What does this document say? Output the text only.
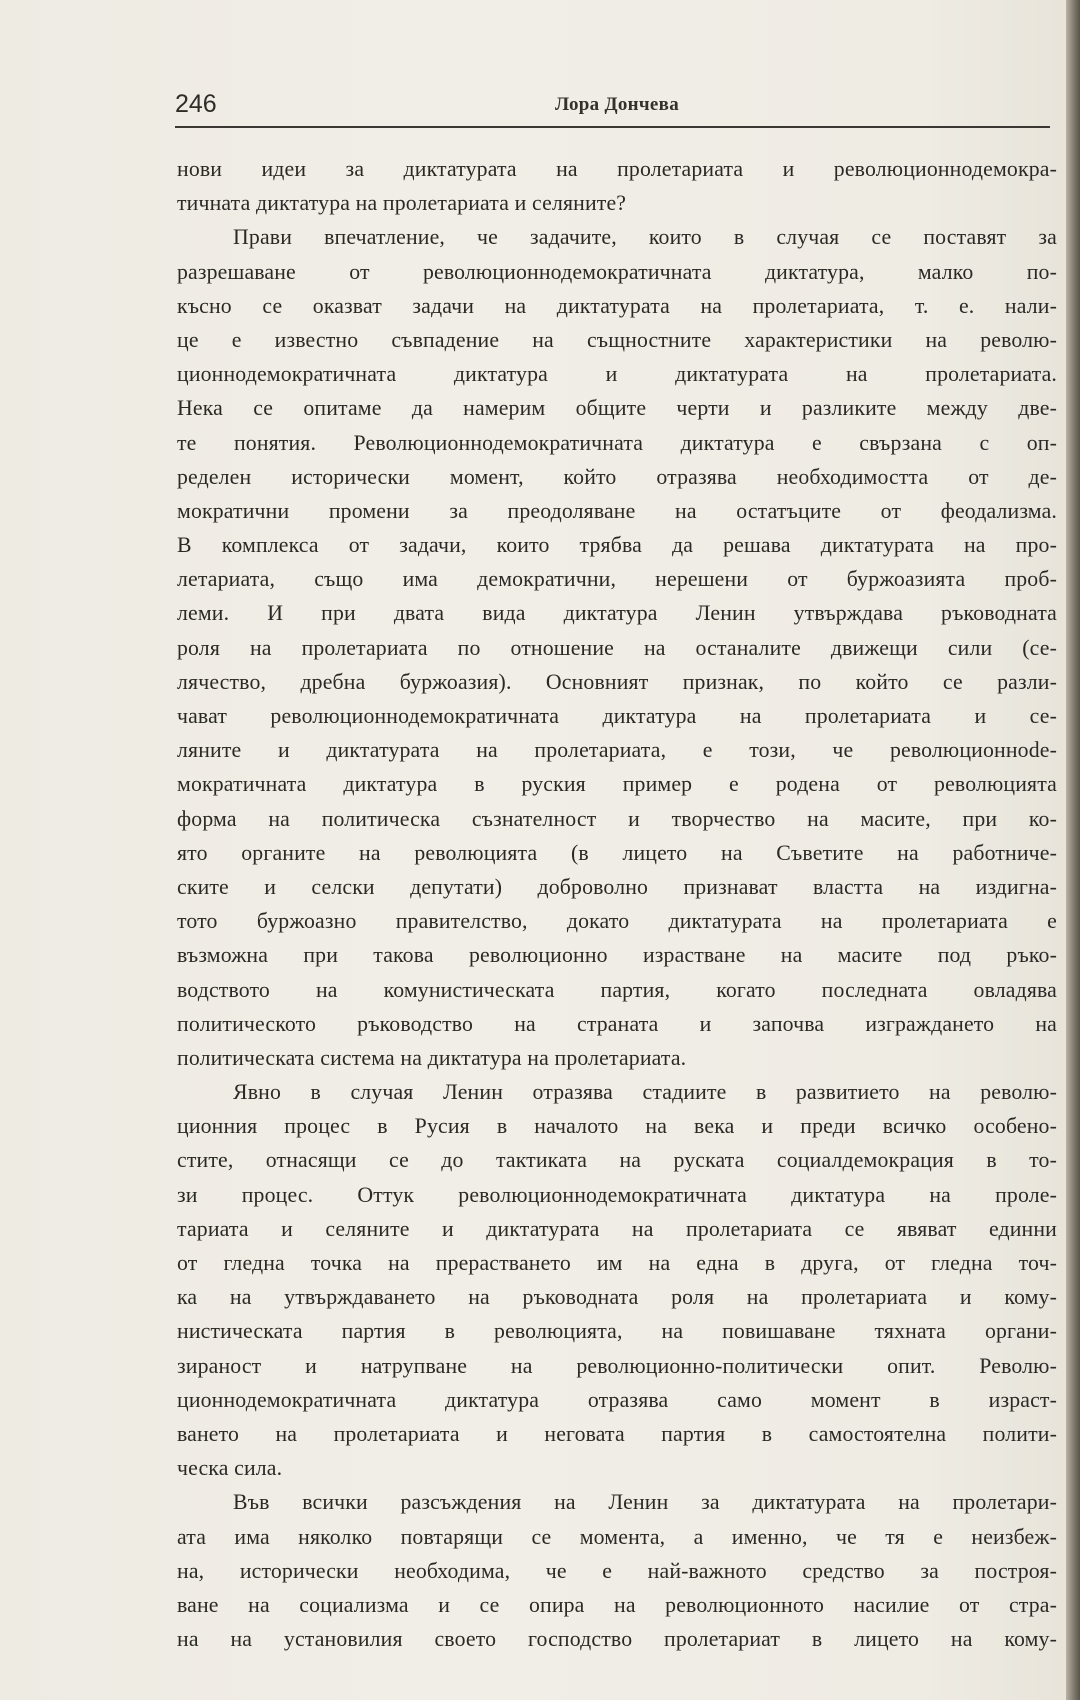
246	Лора Дончева
нови идеи за диктатурата на пролетариата и революционнодемокра-
тичната диктатура на пролетариата и селяните?
Прави впечатление, че задачите, които в случая се поставят за
разрешаване от революционнодемократичната диктатура, малко по-
късно се оказват задачи на диктатурата на пролетариата, т. е. нали-
це е известно съвпадение на същностните характеристики на револю-
ционнодемократичната диктатура и диктатурата на пролетариата.
Нека се опитаме да намерим общите черти и разликите между две-
те понятия. Революционнодемократичната диктатура е свързана с оп-
ределен исторически момент, който отразява необходимостта от де-
мократични промени за преодоляване на остатъците от феодализма.
В комплекса от задачи, които трябва да решава диктатурата на про-
летариата, също има демократични, нерешени от буржоазията проб-
леми. И при двата вида диктатура Ленин утвърждава ръководната
роля на пролетариата по отношение на останалите движещи сили (се-
лячество, дребна буржоазия). Основният признак, по който се разли-
чават революционнодемократичната диктатура на пролетариата и се-
ляните и диктатурата на пролетариата, е този, че революционнode-
мократичната диктатура в руския пример е родена от революцията
форма на политическа съзнателност и творчество на масите, при ко-
ято органите на революцията (в лицето на Съветите на работниче-
ските и селски депутати) доброволно признават властта на издигна-
тото буржоазно правителство, докато диктатурата на пролетариата е
възможна при такова революционно израстване на масите под ръко-
водството на комунистическата партия, когато последната овладява
политическото ръководство на страната и започва изграждането на
политическата система на диктатура на пролетариата.
Явно в случая Ленин отразява стадиите в развитието на револю-
ционния процес в Русия в началото на века и преди всичко особено-
стите, отнасящи се до тактиката на руската социалдемокрация в то-
зи процес. Оттук революционнодемократичната диктатура на проле-
тариата и селяните и диктатурата на пролетариата се явяват единни
от гледна точка на прерастването им на една в друга, от гледна точ-
ка на утвърждаването на ръководната роля на пролетариата и кому-
нистическата партия в революцията, на повишаване тяхната органи-
зираност и натрупване на революционно-политически опит. Револю-
ционнодемократичната диктатура отразява само момент в израст-
ването на пролетариата и неговата партия в самостоятелна полити-
ческа сила.
Във всички разсъждения на Ленин за диктатурата на пролетари-
ата има няколко повтарящи се момента, а именно, че тя е неизбеж-
на, исторически необходима, че е най-важното средство за построя-
ване на социализма и се опира на революционното насилие от стра-
на на установилия своето господство пролетариат в лицето на кому-
